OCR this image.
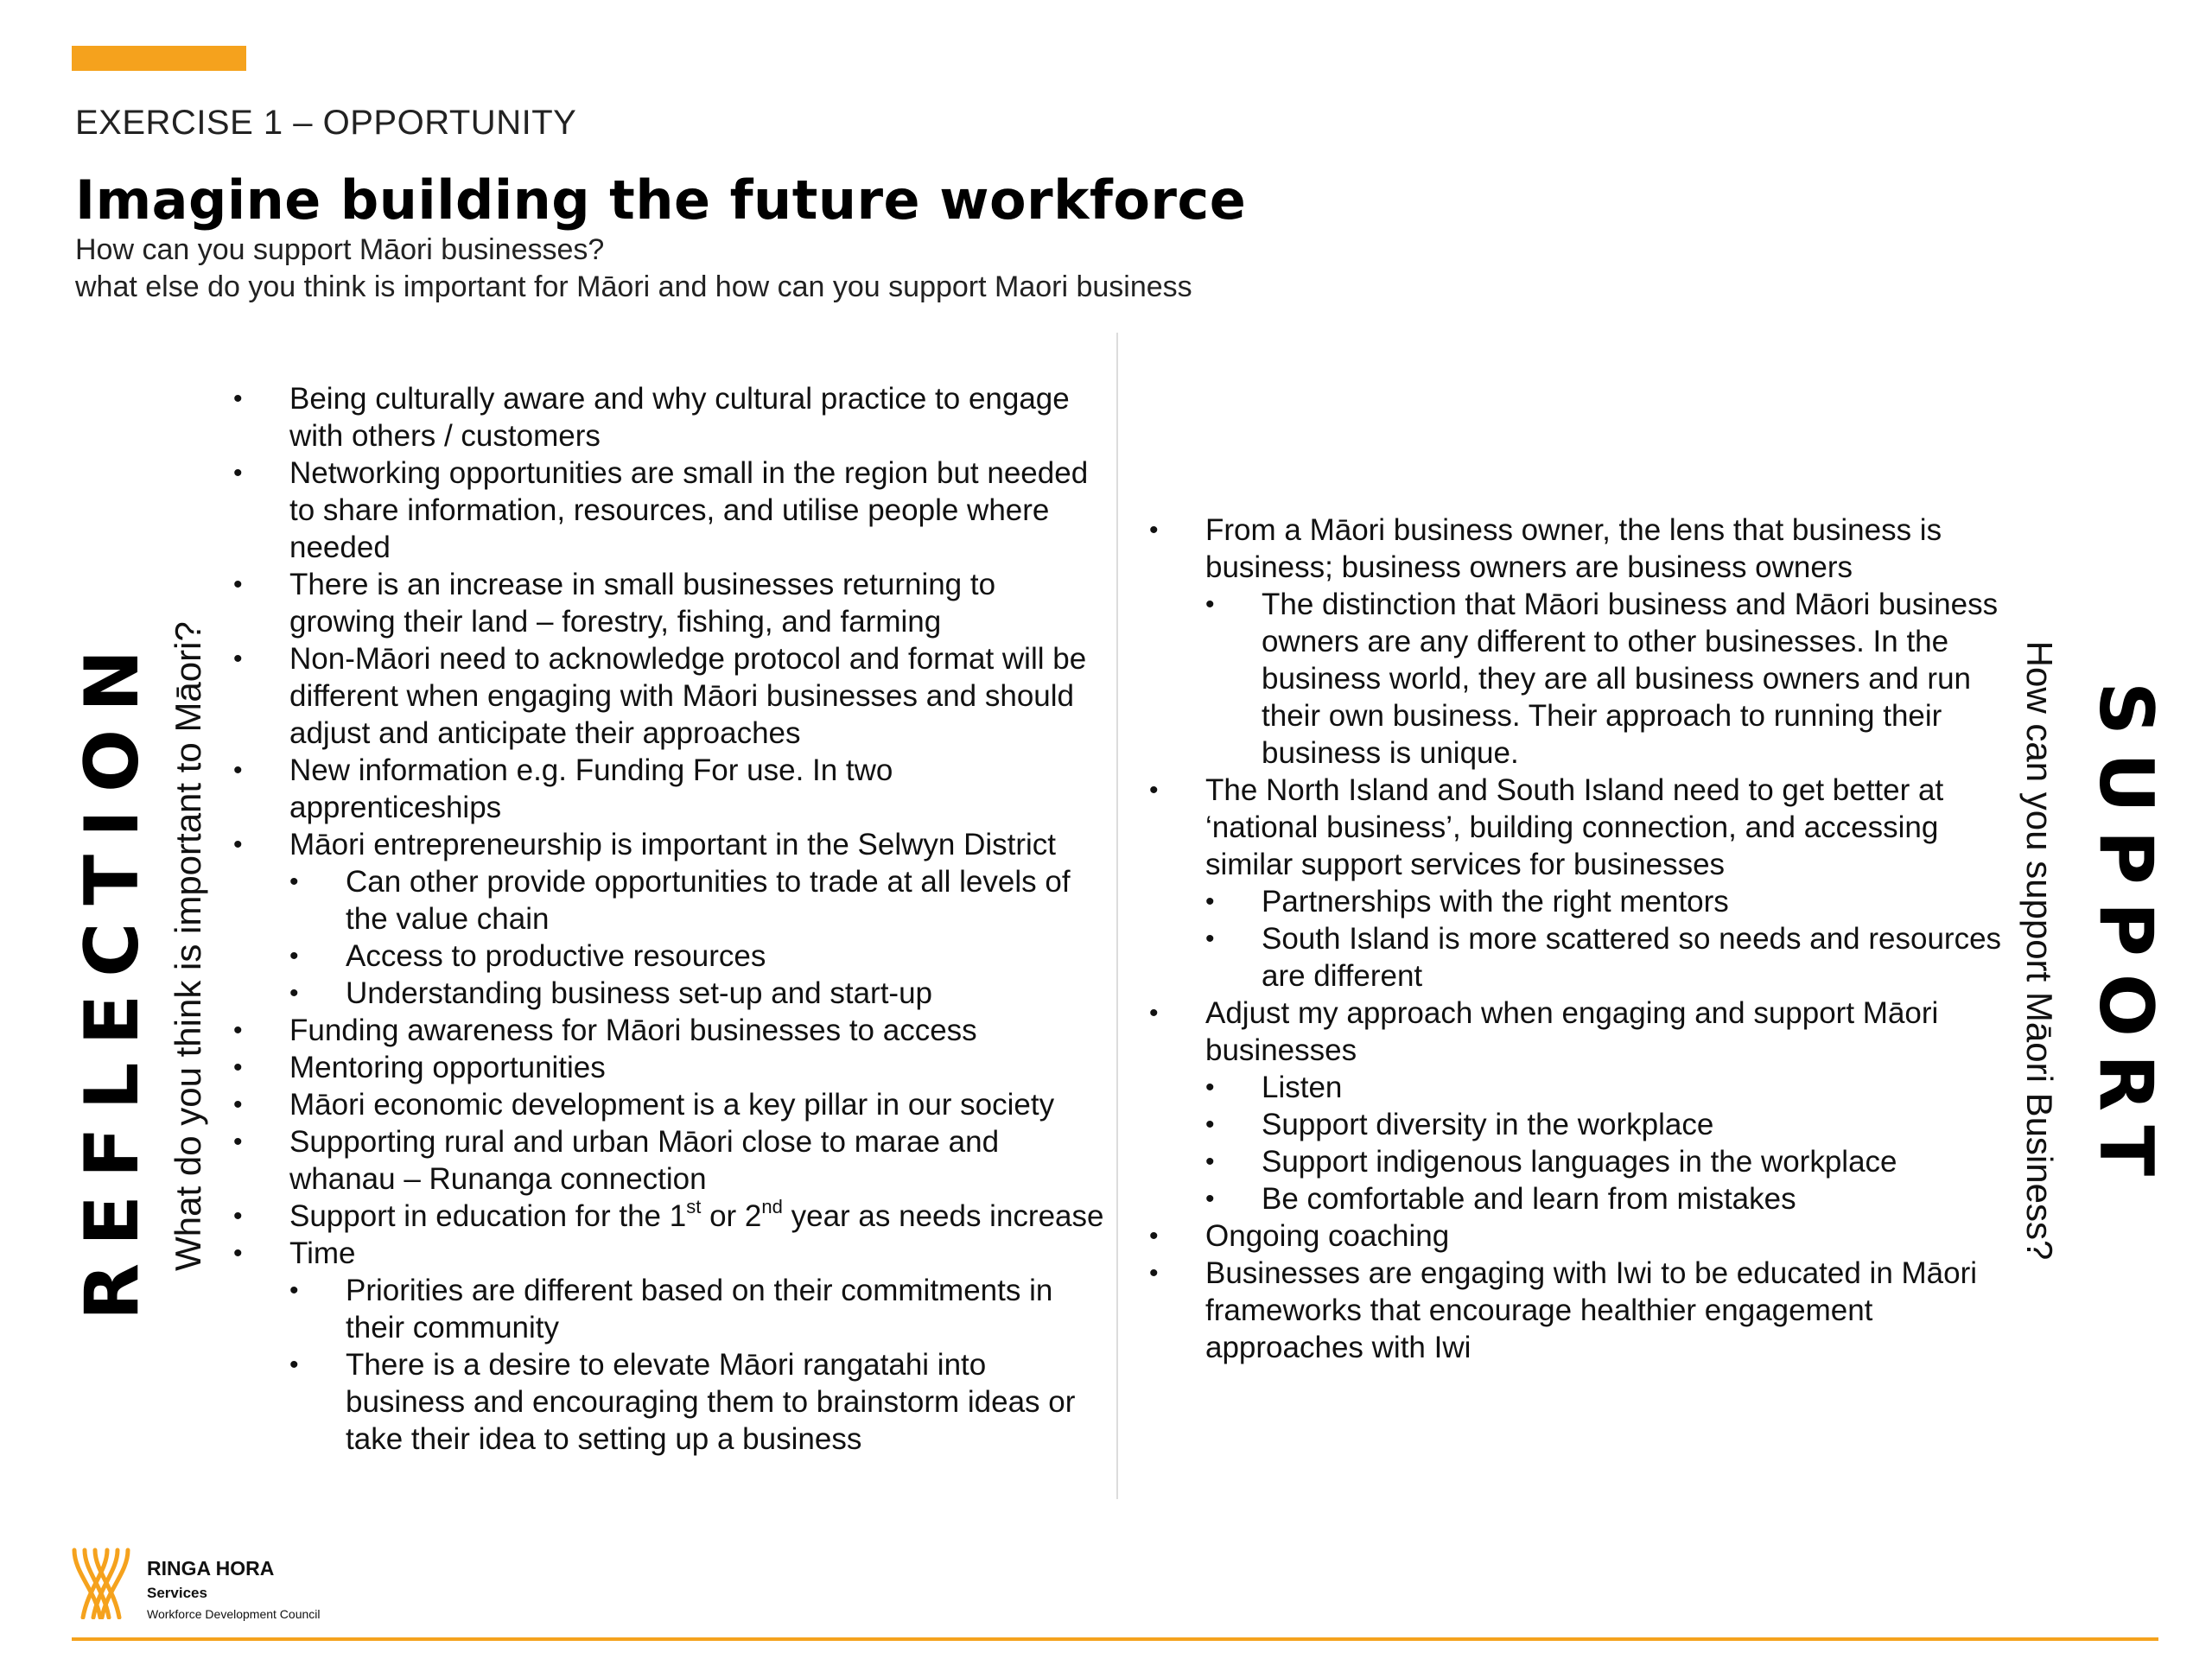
EXERCISE 1 – OPPORTUNITY
Imagine building the future workforce
How can you support Māori businesses?
what else do you think is important for Māori and how can you support Maori business
REFLECTION What do you think is important to Māori?
• Being culturally aware and why cultural practice to engage with others / customers
• Networking opportunities are small in the region but needed to share information, resources, and utilise people where needed
• There is an increase in small businesses returning to growing their land – forestry, fishing, and farming
• Non-Māori need to acknowledge protocol and format will be different when engaging with Māori businesses and should adjust and anticipate their approaches
• New information e.g. Funding For use. In two apprenticeships
• Māori entrepreneurship is important in the Selwyn District
• Can other provide opportunities to trade at all levels of the value chain
• Access to productive resources
• Understanding business set-up and start-up
• Funding awareness for Māori businesses to access
• Mentoring opportunities
• Māori economic development is a key pillar in our society
• Supporting rural and urban Māori close to marae and whanau – Runanga connection
• Support in education for the 1st or 2nd year as needs increase
• Time
• Priorities are different based on their commitments in their community
• There is a desire to elevate Māori rangatahi into business and encouraging them to brainstorm ideas or take their idea to setting up a business
• From a Māori business owner, the lens that business is business; business owners are business owners
• The distinction that Māori business and Māori business owners are any different to other businesses. In the business world, they are all business owners and run their own business. Their approach to running their business is unique.
• The North Island and South Island need to get better at ‘national business’, building connection, and accessing similar support services for businesses
• Partnerships with the right mentors
• South Island is more scattered so needs and resources are different
• Adjust my approach when engaging and support Māori businesses
• Listen
• Support diversity in the workplace
• Support indigenous languages in the workplace
• Be comfortable and learn from mistakes
• Ongoing coaching
• Businesses are engaging with Iwi to be educated in Māori frameworks that encourage healthier engagement approaches with Iwi
How can you support Māori Business? SUPPORT
RINGA HORA
Services
Workforce Development Council
